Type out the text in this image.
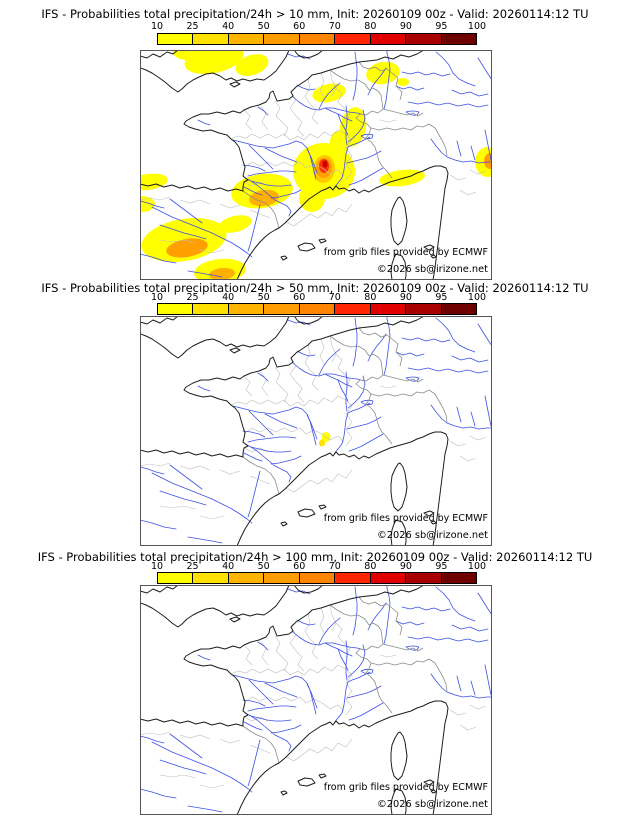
IFS - Probabilities total precipitation/24h > 10 mm, Init: 20260109 00z - Valid: 20260114:12 TU
10 25 40 50 60 70 80 90 95 100
from grib files provided by ECMWF
©2026 sb@irizone.net
IFS - Probabilities total precipitation/24h > 50 mm, Init: 20260109 00z - Valid: 20260114:12 TU
10 25 40 50 60 70 80 90 95 100
from grib files provided by ECMWF
©2026 sb@irizone.net
IFS - Probabilities total precipitation/24h > 100 mm, Init: 20260109 00z - Valid: 20260114:12 TU
10 25 40 50 60 70 80 90 95 100
from grib files provided by ECMWF
©2026 sb@irizone.net
